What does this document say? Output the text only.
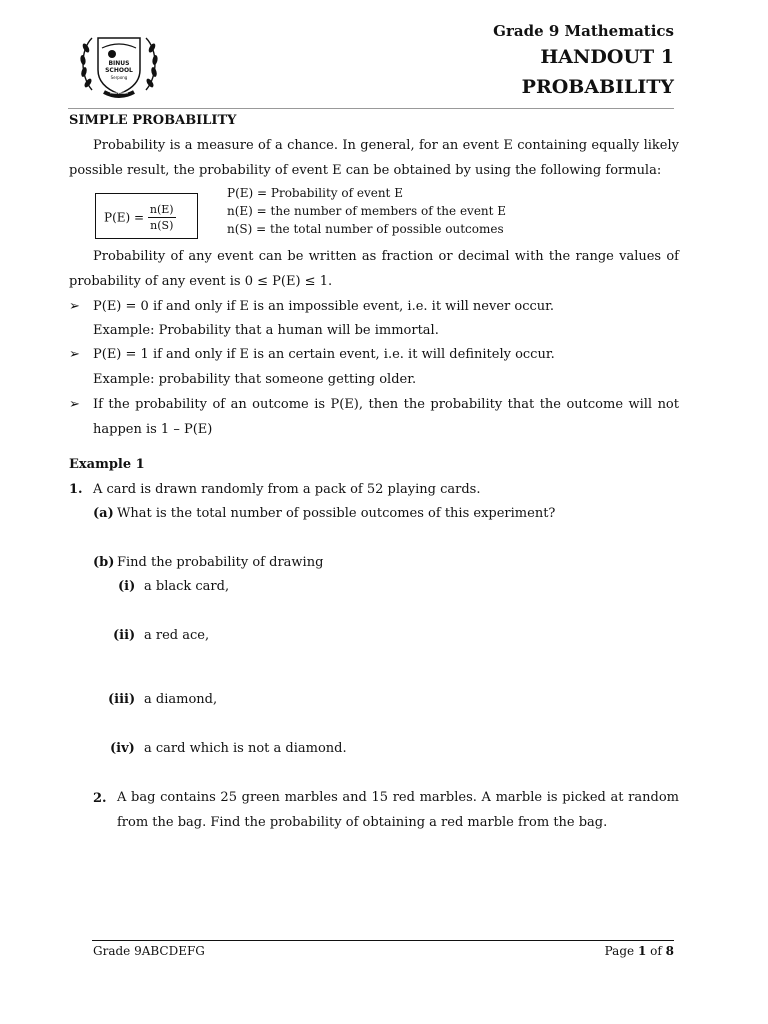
BINUS SCHOOL
Serpong
Innovation
Grade 9 Mathematics
HANDOUT 1
PROBABILITY
SIMPLE PROBABILITY
Probability is a measure of a chance. In general, for an event E containing equally likely possible result, the probability of event E can be obtained by using the following formula:
$P(E) = \frac{n(E)}{n(S)}$
P(E) = Probability of event E
n(E) = the number of members of the event E
n(S) = the total number of possible outcomes
Probability of any event can be written as fraction or decimal with the range values of probability of any event is 0 ≤ P(E) ≤ 1.
➢ P(E) = 0 if and only if E is an impossible event, i.e. it will never occur.
Example: Probability that a human will be immortal.
➢ P(E) = 1 if and only if E is an certain event, i.e. it will definitely occur.
Example: probability that someone getting older.
➢ If the probability of an outcome is P(E), then the probability that the outcome will not happen is 1 – P(E)
Example 1
1. A card is drawn randomly from a pack of 52 playing cards.
(a) What is the total number of possible outcomes of this experiment?
(b) Find the probability of drawing
(i) a black card,
(ii) a red ace,
(iii) a diamond,
(iv) a card which is not a diamond.
2. A bag contains 25 green marbles and 15 red marbles. A marble is picked at random from the bag. Find the probability of obtaining a red marble from the bag.
Grade 9ABCDEFG	Page 1 of 8
